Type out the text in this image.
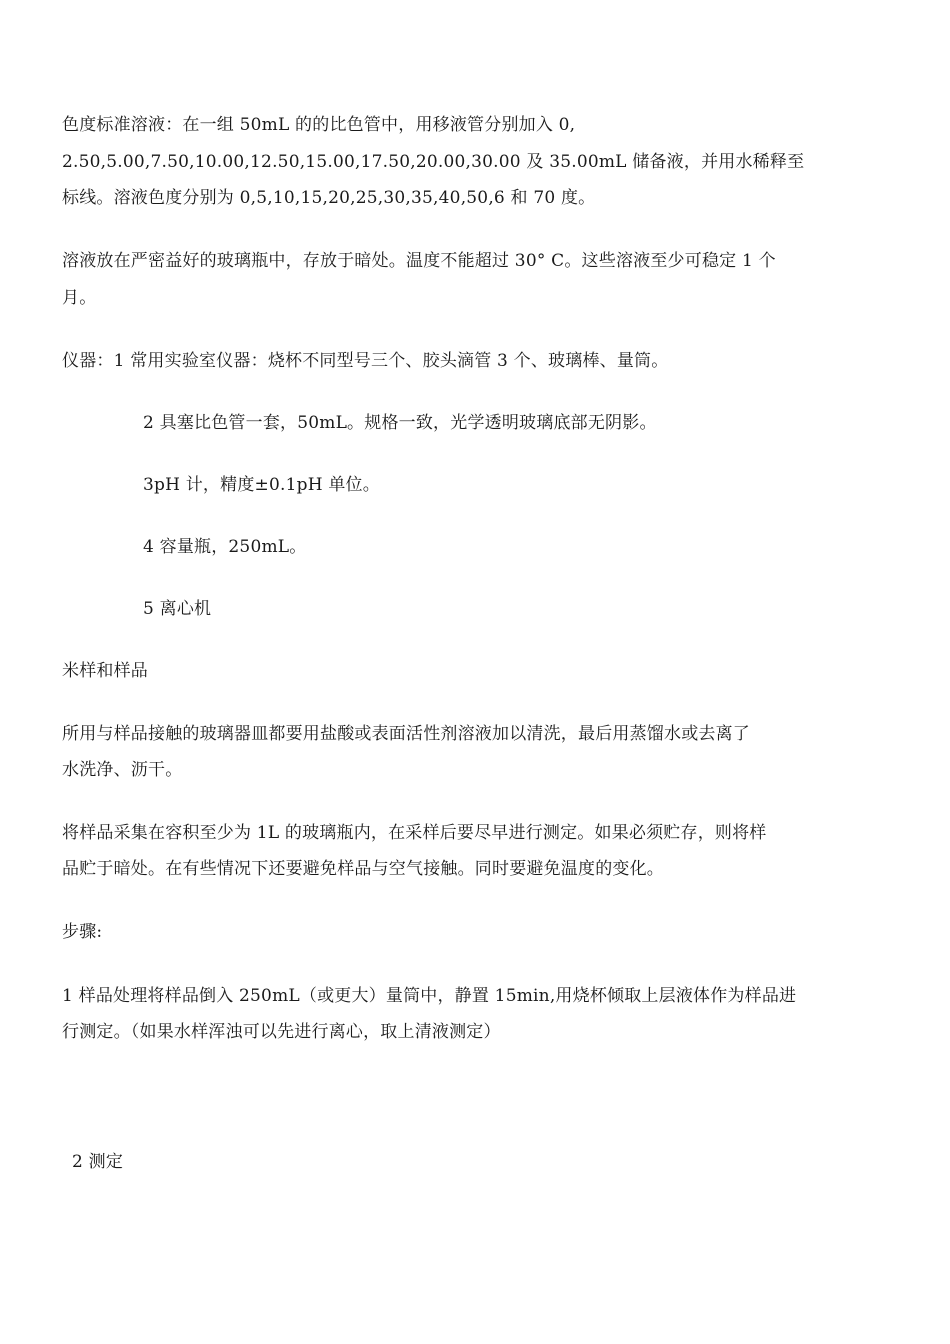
色度标准溶液：在一组 50mL 的的比色管中，用移液管分别加入 0,
2.50,5.00,7.50,10.00,12.50,15.00,17.50,20.00,30.00 及 35.00mL 储备液，并用水稀释至
标线。溶液色度分别为 0,5,10,15,20,25,30,35,40,50,6 和 70 度。
溶液放在严密益好的玻璃瓶中，存放于暗处。温度不能超过 30° C。这些溶液至少可稳定 1 个
月。
仪器：1 常用实验室仪器：烧杯不同型号三个、胶头滴管 3 个、玻璃棒、量筒。
2 具塞比色管一套，50mL。规格一致，光学透明玻璃底部无阴影。
3pH 计，精度±0.1pH 单位。
4 容量瓶，250mL。
5 离心机
米样和样品
所用与样品接触的玻璃器皿都要用盐酸或表面活性剂溶液加以清洗，最后用蒸馏水或去离了
水洗净、沥干。
将样品采集在容积至少为 1L 的玻璃瓶内，在采样后要尽早进行测定。如果必须贮存，则将样
品贮于暗处。在有些情况下还要避免样品与空气接触。同时要避免温度的变化。
步骤:
1 样品处理将样品倒入 250mL（或更大）量筒中，静置 15min,用烧杯倾取上层液体作为样品进
行测定。（如果水样浑浊可以先进行离心，取上清液测定）
2 测定
